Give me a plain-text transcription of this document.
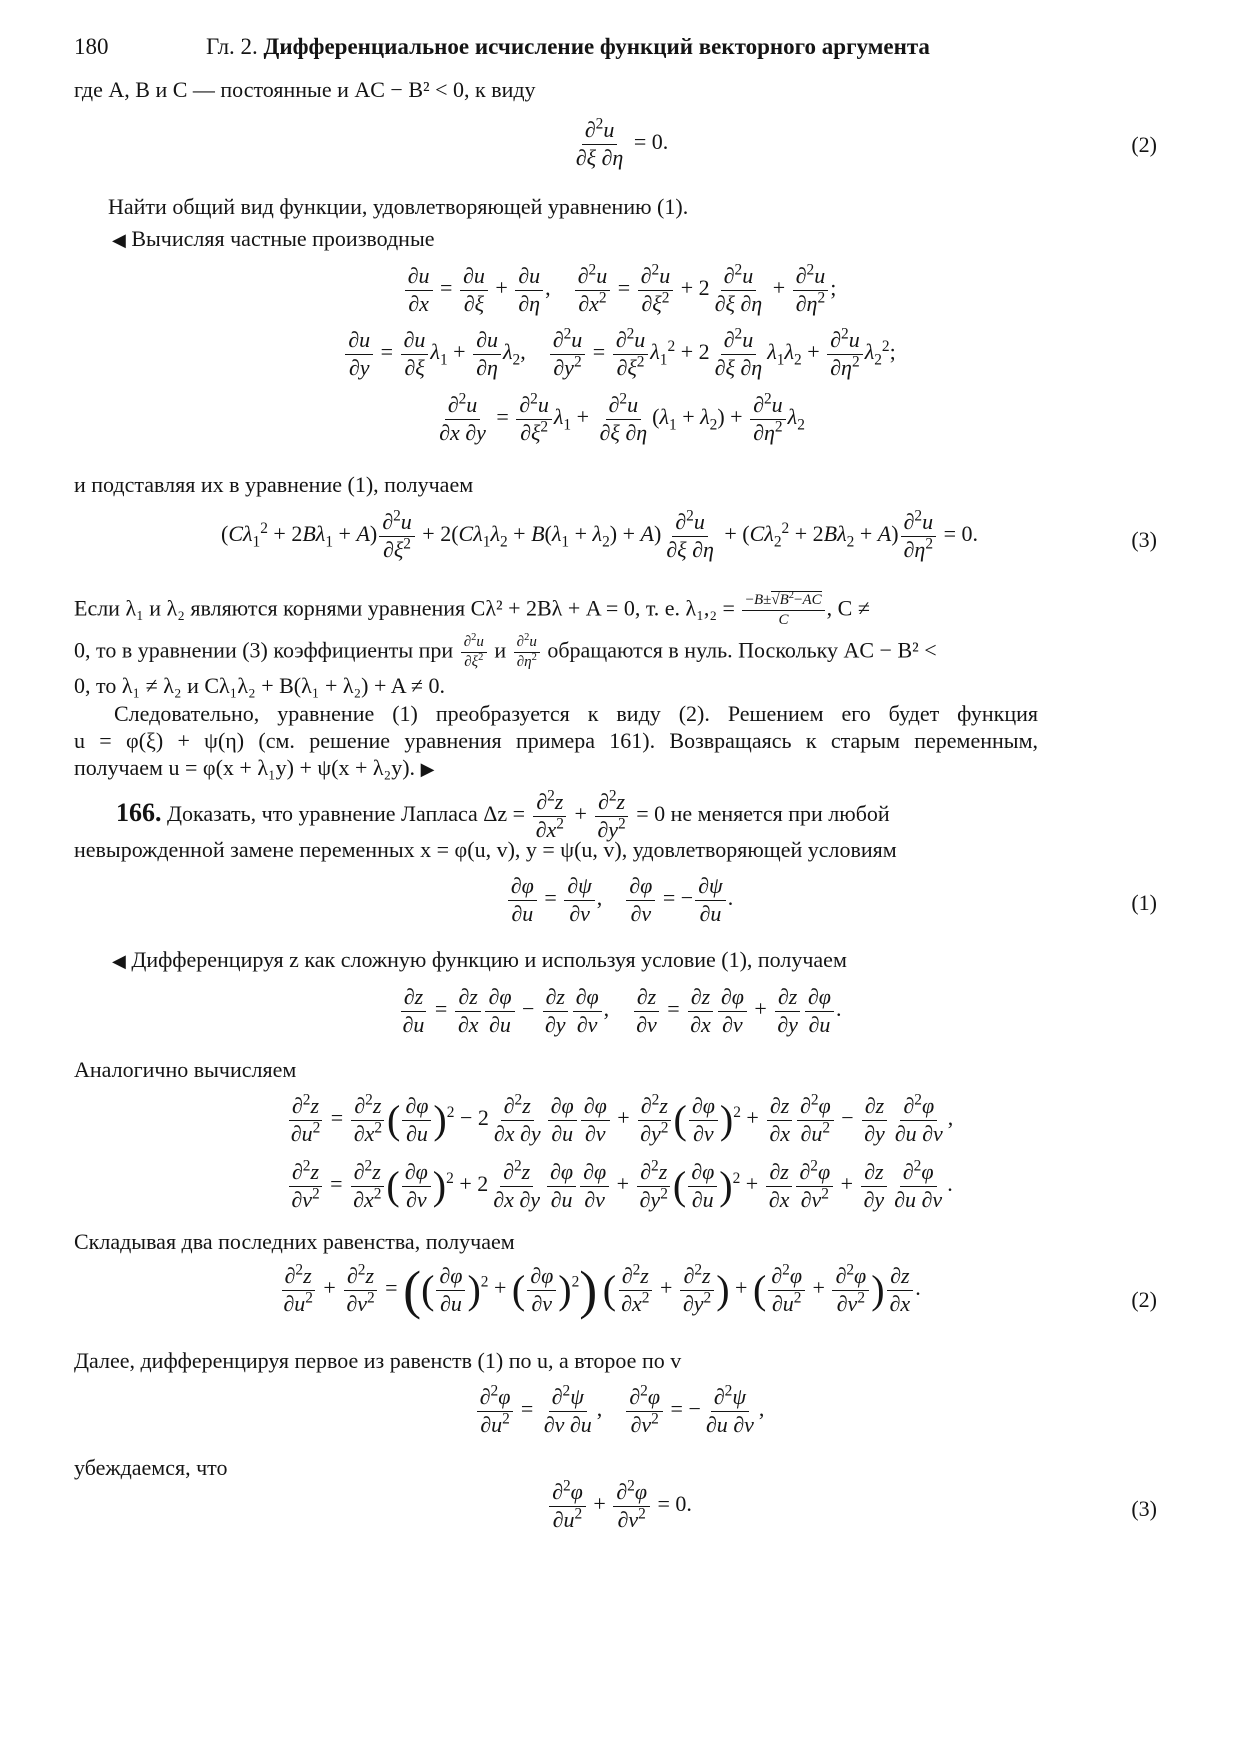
180	Гл. 2. Дифференциальное исчисление функций векторного аргумента
где A, B и C — постоянные и AC − B² < 0, к виду
$\frac{\partial^2u}{\partial\xi \partial\eta} = 0$.	(2)
Найти общий вид функции, удовлетворяющей уравнению (1).
◀ Вычисляя частные производные
$\frac{\partial u}{\partial x} = \frac{\partial u}{\partial\xi} + \frac{\partial u}{\partial\eta}$ , $\frac{\partial^2u}{\partial x^2} = \frac{\partial^2u}{\partial\xi^2} + 2 \frac{\partial^2u}{\partial\xi \partial\eta} + \frac{\partial^2u}{\partial\eta^2}$ ;
$\frac{\partial u}{\partial y} = \frac{\partial u}{\partial\xi} \lambda_1 + \frac{\partial u}{\partial\eta} \lambda_2$, $\frac{\partial^2u}{\partial y^2} = \frac{\partial^2u}{\partial\xi^2} \lambda_1^2 + 2 \frac{\partial^2u}{\partial\xi \partial\eta} \lambda_1\lambda_2 + \frac{\partial^2u}{\partial\eta^2} \lambda_2^2$;
$\frac{\partial^2u}{\partial x \partial y} = \frac{\partial^2u}{\partial\xi^2} \lambda_1 + \frac{\partial^2u}{\partial\xi \partial\eta} (\lambda_1 + \lambda_2) + \frac{\partial^2u}{\partial\eta^2} \lambda_2$
и подставляя их в уравнение (1), получаем
$(C\lambda_1^2 + 2B\lambda_1 + A) \frac{\partial^2u}{\partial\xi^2} + 2(C\lambda_1\lambda_2 + B(\lambda_1 + \lambda_2) + A) \frac{\partial^2u}{\partial\xi \partial\eta} + (C\lambda_2^2 + 2B\lambda_2 + A) \frac{\partial^2u}{\partial\eta^2} = 0$.	(3)
Если λ₁ и λ₂ являются корнями уравнения Cλ² + 2Bλ + A = 0, т. е. $\lambda_1,_2 = \frac{-B\pm√B^2-AC}{C}$ , C ≠
0, то в уравнении (3) коэффициенты при $\frac{\partial^2u}{\partial\xi^2}$ и $\frac{\partial^2u}{\partial\eta^2}$ обращаются в нуль. Поскольку AC − B² <
0, то λ₁ ≠ λ₂ и Cλ₁λ₂ + B(λ₁ + λ₂) + A ≠ 0.
Следовательно, уравнение (1) преобразуется к виду (2). Решением его будет функция
u = φ(ξ) + ψ(η) (см. решение уравнения примера 161). Возвращаясь к старым переменным,
получаем u = φ(x + λ₁y) + ψ(x + λ₂y). ▶
166. Доказать, что уравнение Лапласа $\Delta z = \frac{\partial^2z}{\partial x^2} + \frac{\partial^2z}{\partial y^2} = 0$ не меняется при любой
невырожденной замене переменных x = φ(u, v), y = ψ(u, v), удовлетворяющей условиям
$\frac{\partial\varphi}{\partial u} = \frac{\partial\psi}{\partial v}$ , $\frac{\partial\varphi}{\partial v}$ = − $\frac{\partial\psi}{\partial u}$ .	(1)
◀ Дифференцируя z как сложную функцию и используя условие (1), получаем
$\frac{\partial z}{\partial u} = \frac{\partial z}{\partial x} \frac{\partial\varphi}{\partial u} - \frac{\partial z}{\partial y} \frac{\partial\varphi}{\partial v}$ , $\frac{\partial z}{\partial v} = \frac{\partial z}{\partial x} \frac{\partial\varphi}{\partial v} + \frac{\partial z}{\partial y} \frac{\partial\varphi}{\partial u}$ .
Аналогично вычисляем
$\frac{\partial^2z}{\partial u^2} = \frac{\partial^2z}{\partial x^2}$ ( $\frac{\partial\varphi}{\partial u} )^2 - 2 \frac{\partial^2z}{\partial x \partial y} \frac{\partial\varphi}{\partial u} \frac{\partial\varphi}{\partial v} + \frac{\partial^2z}{\partial y^2}$ ( $\frac{\partial\varphi}{\partial v} )^2 + \frac{\partial z}{\partial x} \frac{\partial^2\varphi}{\partial u^2} - \frac{\partial z}{\partial y} \frac{\partial^2\varphi}{\partial u \partial v}$ ,
$\frac{\partial^2z}{\partial v^2} = \frac{\partial^2z}{\partial x^2}$ ( $\frac{\partial\varphi}{\partial v} )^2 + 2 \frac{\partial^2z}{\partial x \partial y} \frac{\partial\varphi}{\partial u} \frac{\partial\varphi}{\partial v} + \frac{\partial^2z}{\partial y^2}$ ( $\frac{\partial\varphi}{\partial u} )^2 + \frac{\partial z}{\partial x} \frac{\partial^2\varphi}{\partial v^2} + \frac{\partial z}{\partial y} \frac{\partial^2\varphi}{\partial u \partial v}$ .
Складывая два последних равенства, получаем
$\frac{\partial^2z}{\partial u^2} + \frac{\partial^2z}{\partial v^2}$ = (( $\frac{\partial\varphi}{\partial u} )^2$ + ( $\frac{\partial\varphi}{\partial v} )^2$) ( $\frac{\partial^2z}{\partial x^2} + \frac{\partial^2z}{\partial y^2}$ ) + ( $\frac{\partial^2\varphi}{\partial u^2} + \frac{\partial^2\varphi}{\partial v^2}$ ) $\frac{\partial z}{\partial x}$ .	(2)
Далее, дифференцируя первое из равенств (1) по u, а второе по v
$\frac{\partial^2\varphi}{\partial u^2} = \frac{\partial^2\psi}{\partial v \partial u}$ , $\frac{\partial^2\varphi}{\partial v^2}$ = − $\frac{\partial^2\psi}{\partial u \partial v}$ ,
убеждаемся, что
$\frac{\partial^2\varphi}{\partial u^2} + \frac{\partial^2\varphi}{\partial v^2} = 0$.	(3)
